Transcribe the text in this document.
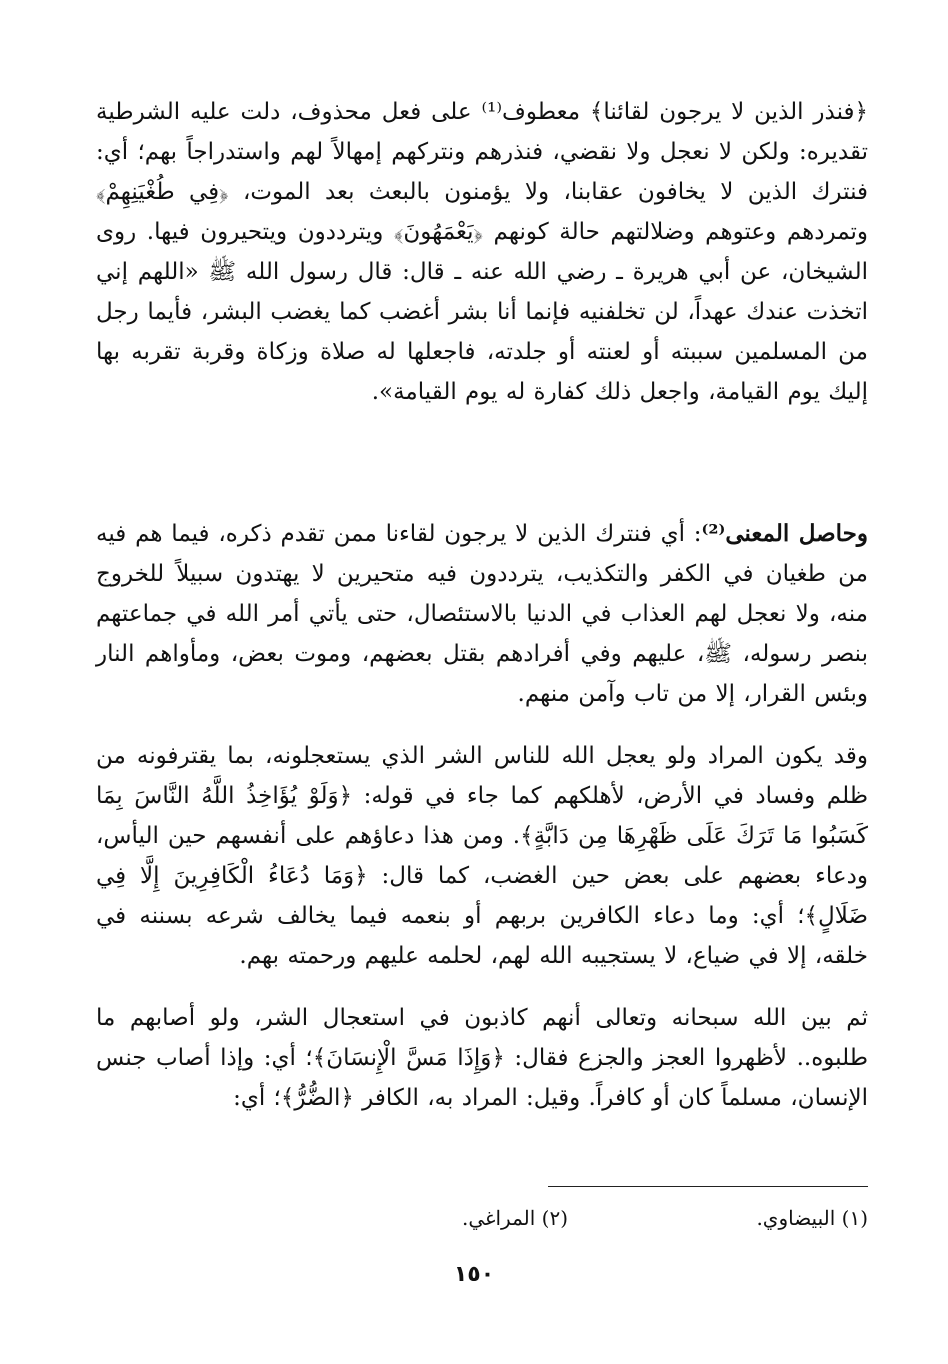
﴿فنذر الذين لا يرجون لقائنا﴾ معطوف⁽¹⁾ على فعل محذوف، دلت عليه الشرطية تقديره: ولكن لا نعجل ولا نقضي، فنذرهم ونتركهم إمهالاً لهم واستدراجاً بهم؛ أي: فنترك الذين لا يخافون عقابنا، ولا يؤمنون بالبعث بعد الموت، ﴿فِي طُغْيَنِهِمْ﴾ وتمردهم وعتوهم وضلالتهم حالة كونهم ﴿يَعْمَهُونَ﴾ ويترددون ويتحيرون فيها. روى الشيخان، عن أبي هريرة ـ رضي الله عنه ـ قال: قال رسول الله ﷺ «اللهم إني اتخذت عندك عهداً، لن تخلفنيه فإنما أنا بشر أغضب كما يغضب البشر، فأيما رجل من المسلمين سببته أو لعنته أو جلدته، فاجعلها له صلاة وزكاة وقربة تقربه بها إليك يوم القيامة، واجعل ذلك كفارة له يوم القيامة».

وحاصل المعنى⁽²⁾: أي فنترك الذين لا يرجون لقاءنا ممن تقدم ذكره، فيما هم فيه من طغيان في الكفر والتكذيب، يترددون فيه متحيرين لا يهتدون سبيلاً للخروج منه، ولا نعجل لهم العذاب في الدنيا بالاستئصال، حتى يأتي أمر الله في جماعتهم بنصر رسوله، ﷺ، عليهم وفي أفرادهم بقتل بعضهم، وموت بعض، ومأواهم النار وبئس القرار، إلا من تاب وآمن منهم.

وقد يكون المراد ولو يعجل الله للناس الشر الذي يستعجلونه، بما يقترفونه من ظلم وفساد في الأرض، لأهلكهم كما جاء في قوله: ﴿وَلَوْ يُؤَاخِذُ اللَّهُ النَّاسَ بِمَا كَسَبُوا مَا تَرَكَ عَلَى ظَهْرِهَا مِن دَابَّةٍ﴾. ومن هذا دعاؤهم على أنفسهم حين اليأس، ودعاء بعضهم على بعض حين الغضب، كما قال: ﴿وَمَا دُعَاءُ الْكَافِرِينَ إِلَّا فِي ضَلَالٍ﴾؛ أي: وما دعاء الكافرين بربهم أو بنعمه فيما يخالف شرعه بسننه في خلقه، إلا في ضياع، لا يستجيبه الله لهم، لحلمه عليهم ورحمته بهم.

ثم بين الله سبحانه وتعالى أنهم كاذبون في استعجال الشر، ولو أصابهم ما طلبوه.. لأظهروا العجز والجزع فقال: ﴿وَإِذَا مَسَّ الْإِنسَانَ﴾؛ أي: وإذا أصاب جنس الإنسان، مسلماً كان أو كافراً. وقيل: المراد به، الكافر ﴿الضُّرُّ﴾؛ أي:

(١) البيضاوي.
(٢) المراغي.
١٥٠
